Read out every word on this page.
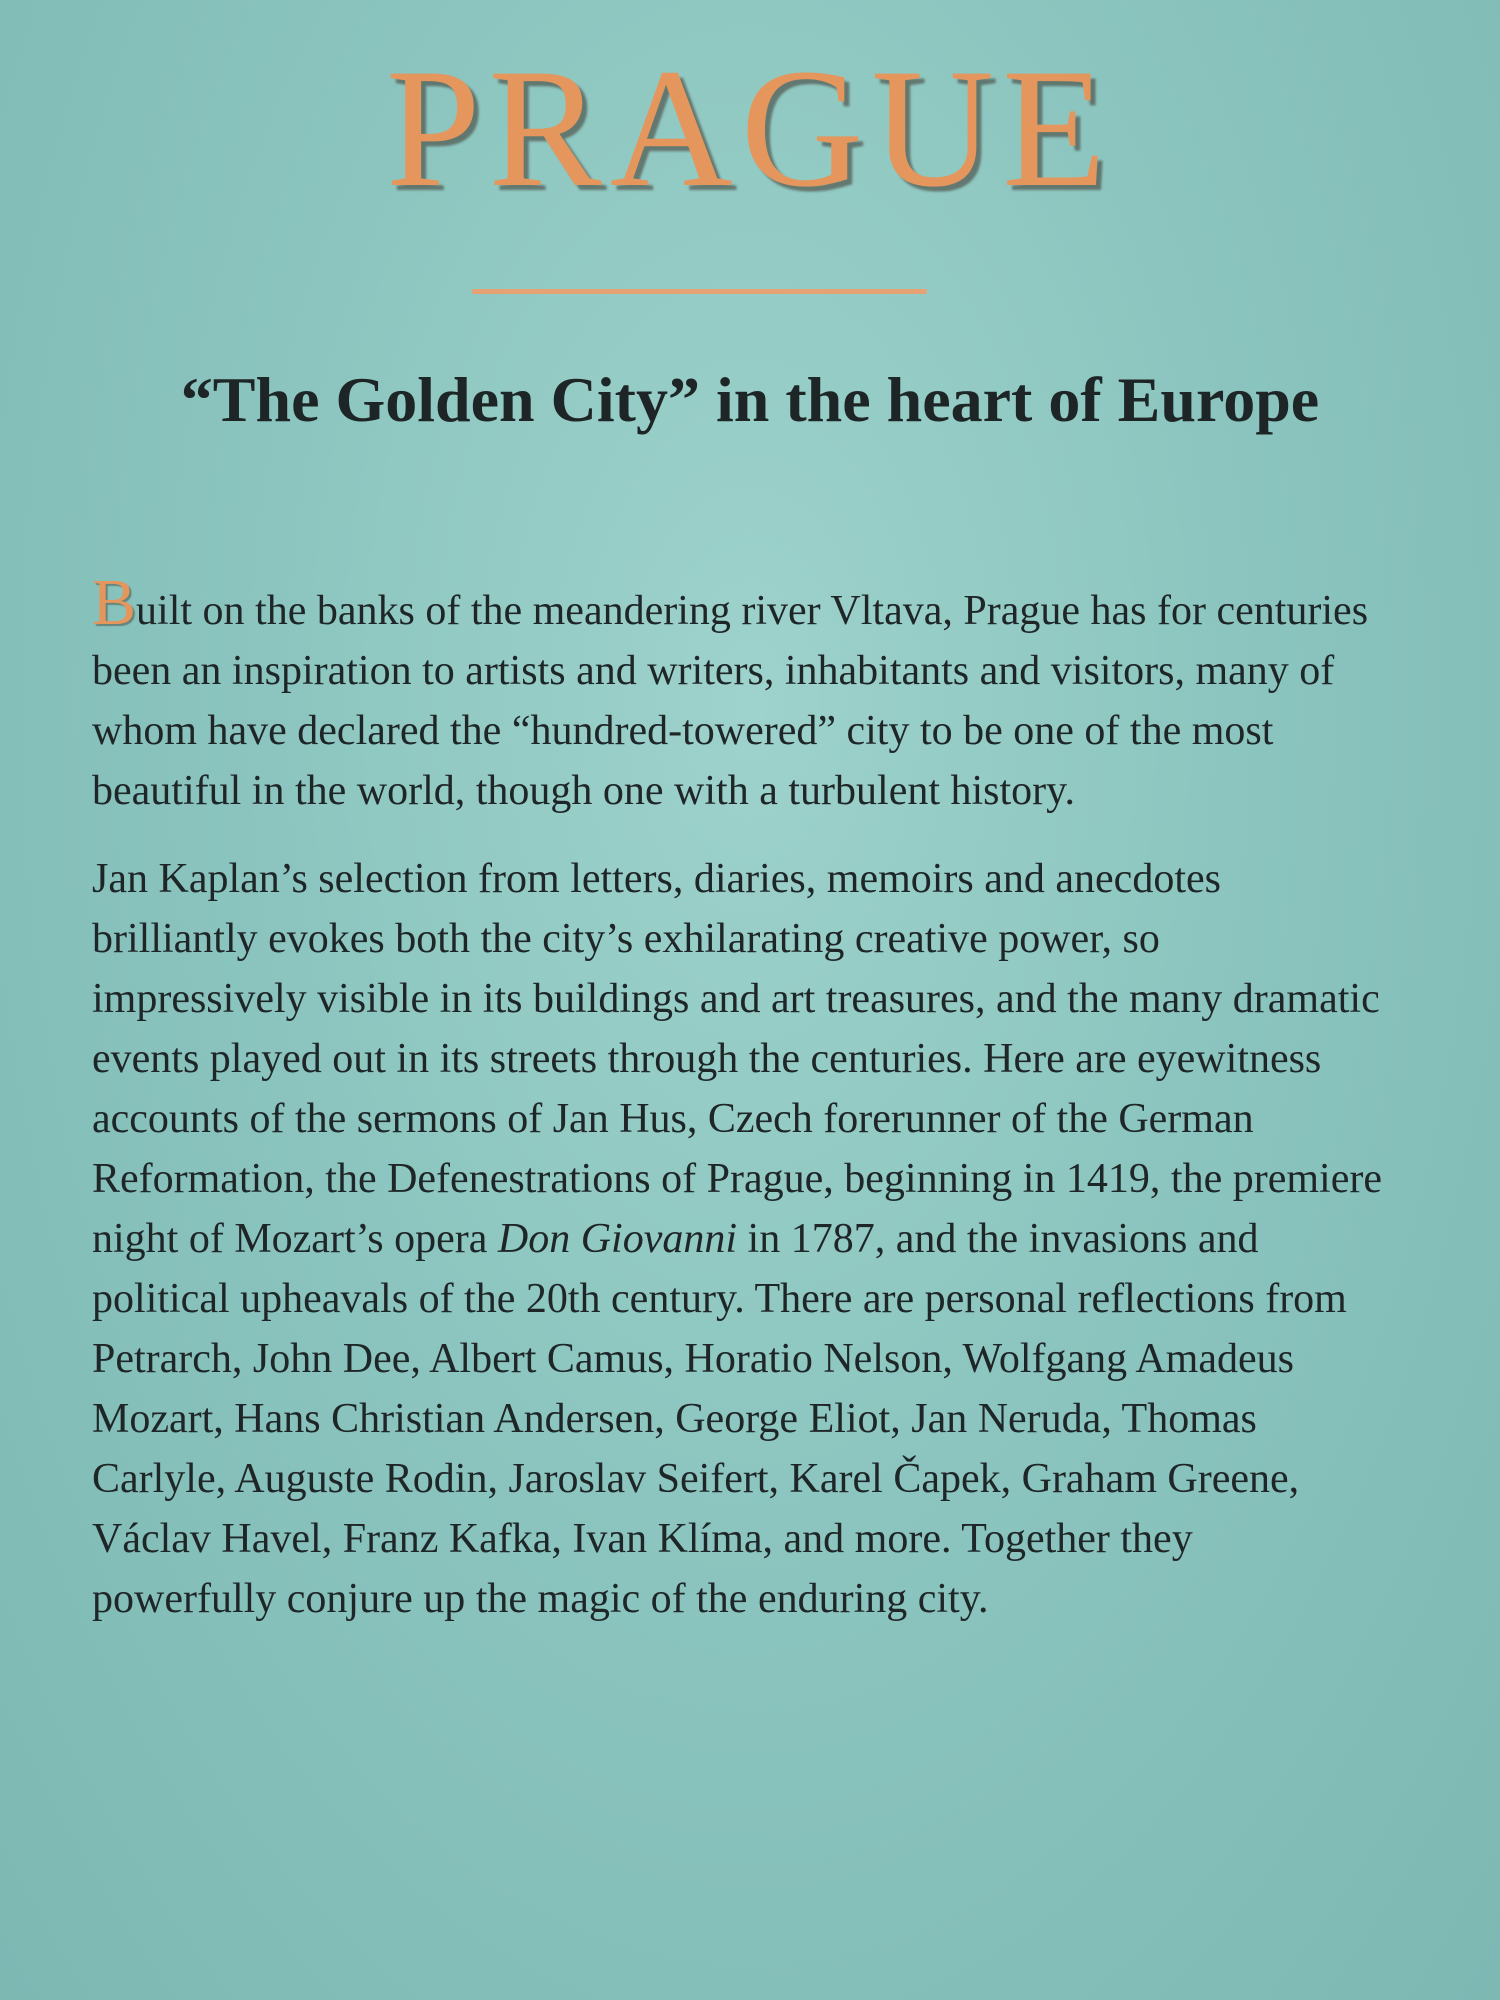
PRAGUE
“The Golden City” in the heart of Europe

Built on the banks of the meandering river Vltava, Prague has for centuries been an inspiration to artists and writers, inhabitants and visitors, many of whom have declared the “hundred-towered” city to be one of the most beautiful in the world, though one with a turbulent history.

Jan Kaplan’s selection from letters, diaries, memoirs and anecdotes brilliantly evokes both the city’s exhilarating creative power, so impressively visible in its buildings and art treasures, and the many dramatic events played out in its streets through the centuries. Here are eyewitness accounts of the sermons of Jan Hus, Czech forerunner of the German Reformation, the Defenestrations of Prague, beginning in 1419, the premiere night of Mozart’s opera Don Giovanni in 1787, and the invasions and political upheavals of the 20th century. There are personal reflections from Petrarch, John Dee, Albert Camus, Horatio Nelson, Wolfgang Amadeus Mozart, Hans Christian Andersen, George Eliot, Jan Neruda, Thomas Carlyle, Auguste Rodin, Jaroslav Seifert, Karel Čapek, Graham Greene, Václav Havel, Franz Kafka, Ivan Klíma, and more. Together they powerfully conjure up the magic of the enduring city.
